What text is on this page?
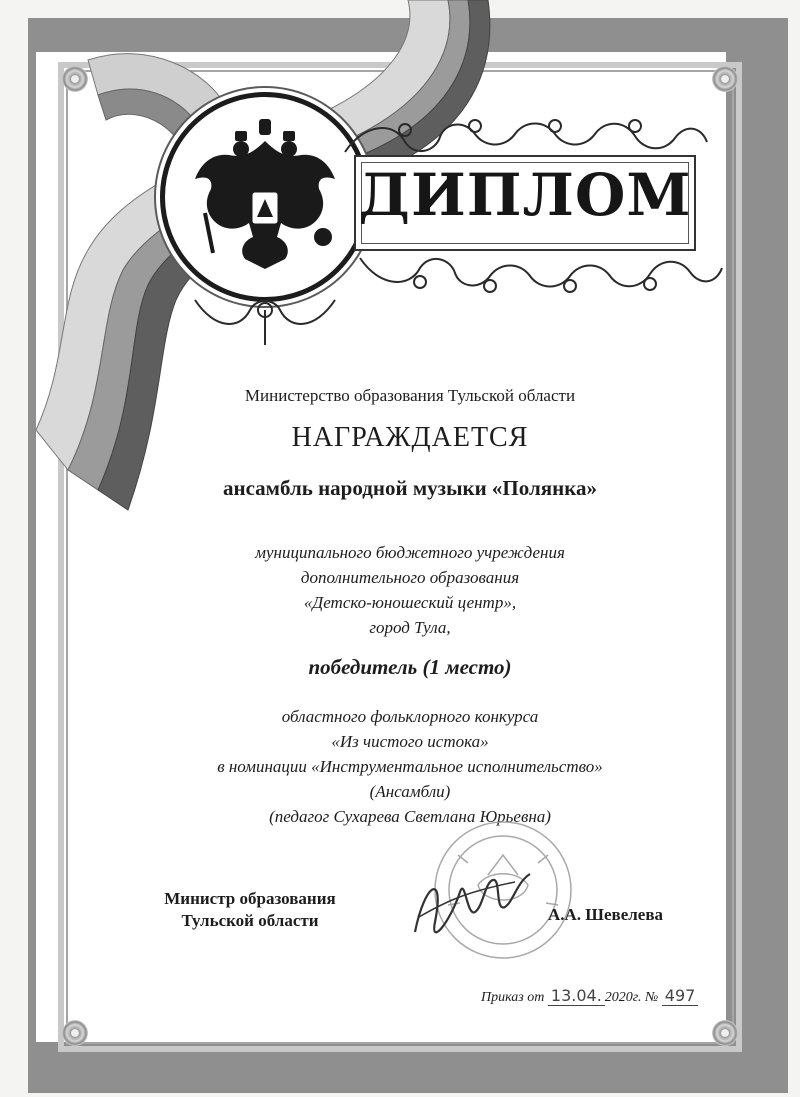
ДИПЛОМ
Министерство образования Тульской области
НАГРАЖДАЕТСЯ
ансамбль народной музыки «Полянка»
муниципального бюджетного учреждения
дополнительного образования
«Детско-юношеский центр»,
город Тула,
победитель (1 место)
областного фольклорного конкурса
«Из чистого истока»
в номинации «Инструментальное исполнительство»
(Ансамбли)
(педагог Сухарева Светлана Юрьевна)
Министр образования
Тульской области	А.А. Шевелева
Приказ от 13.04. 2020г. № 497
